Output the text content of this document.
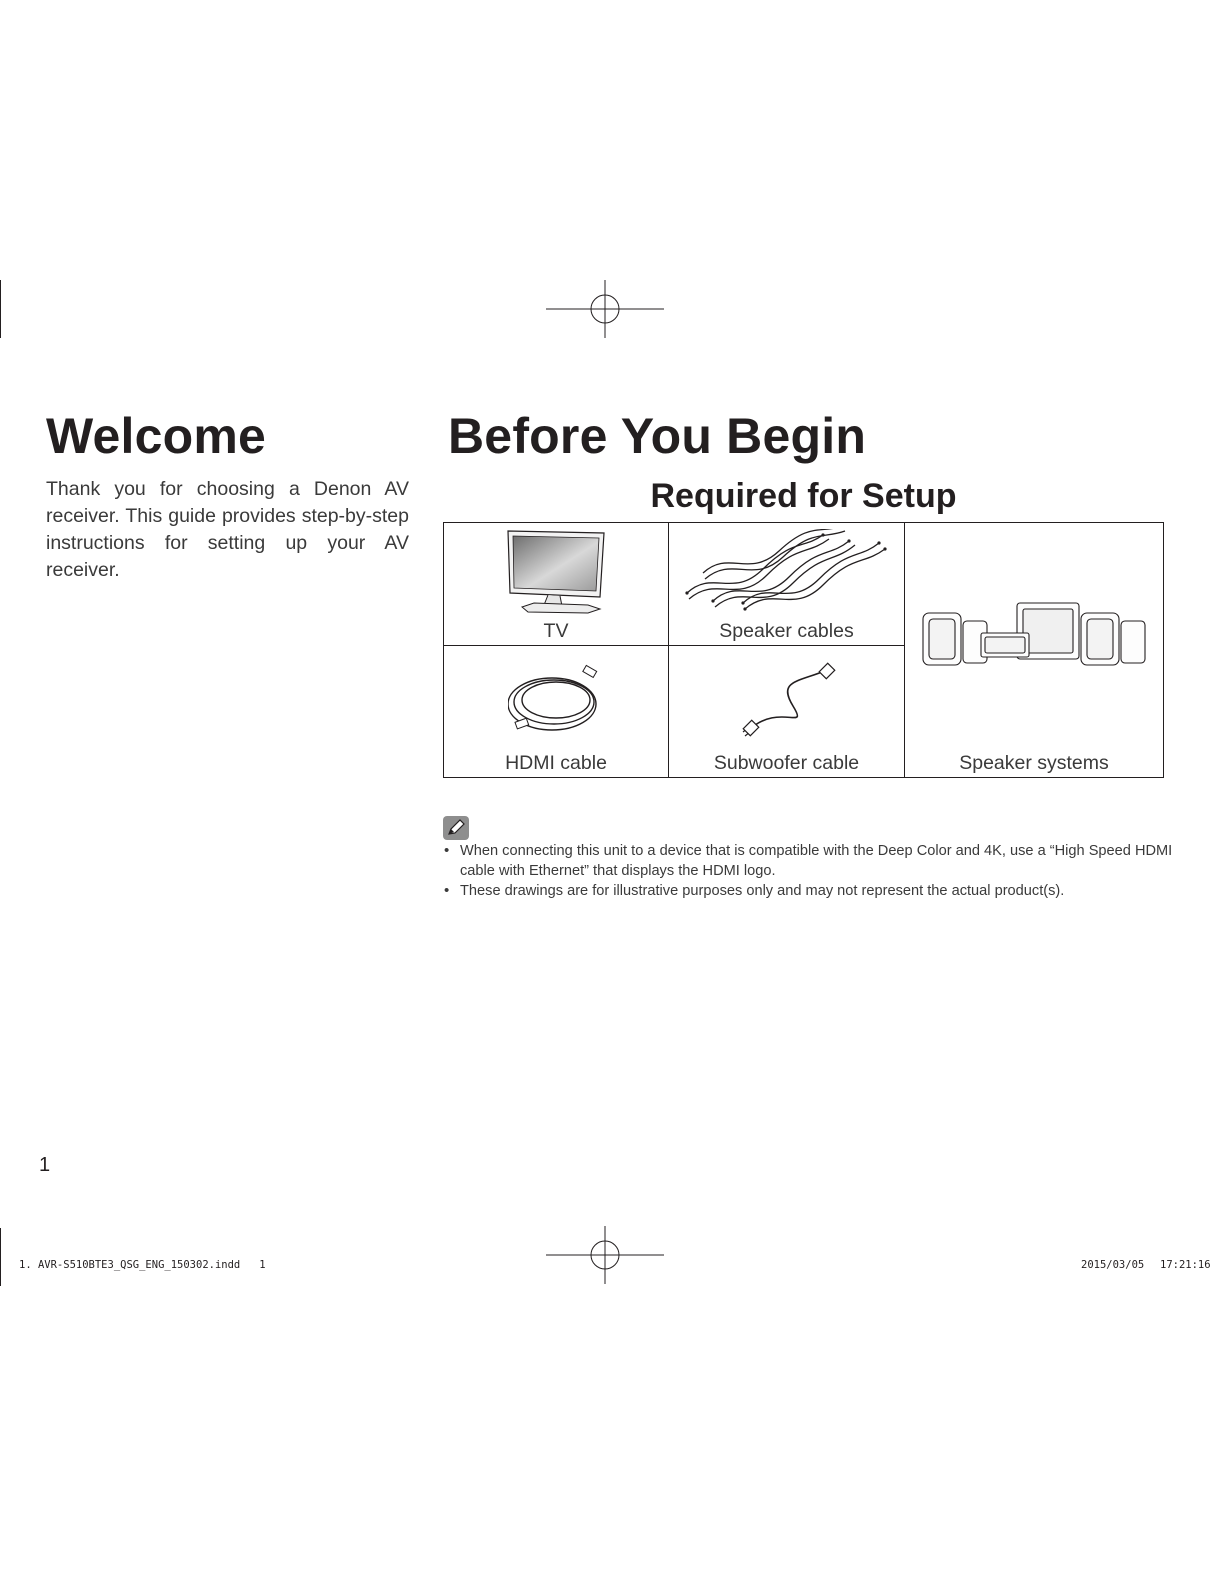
Welcome

Thank you for choosing a Denon AV receiver. This guide provides step-by-step instructions for setting up your AV receiver.

Before You Begin
Required for Setup
TV	Speaker cables
HDMI cable	Subwoofer cable	Speaker systems
• When connecting this unit to a device that is compatible with the Deep Color and 4K, use a “High Speed HDMI cable with Ethernet” that displays the HDMI logo.
• These drawings are for illustrative purposes only and may not represent the actual product(s).
1
1. AVR-S510BTE3_QSG_ENG_150302.indd   1	2015/03/05 17:21:16
